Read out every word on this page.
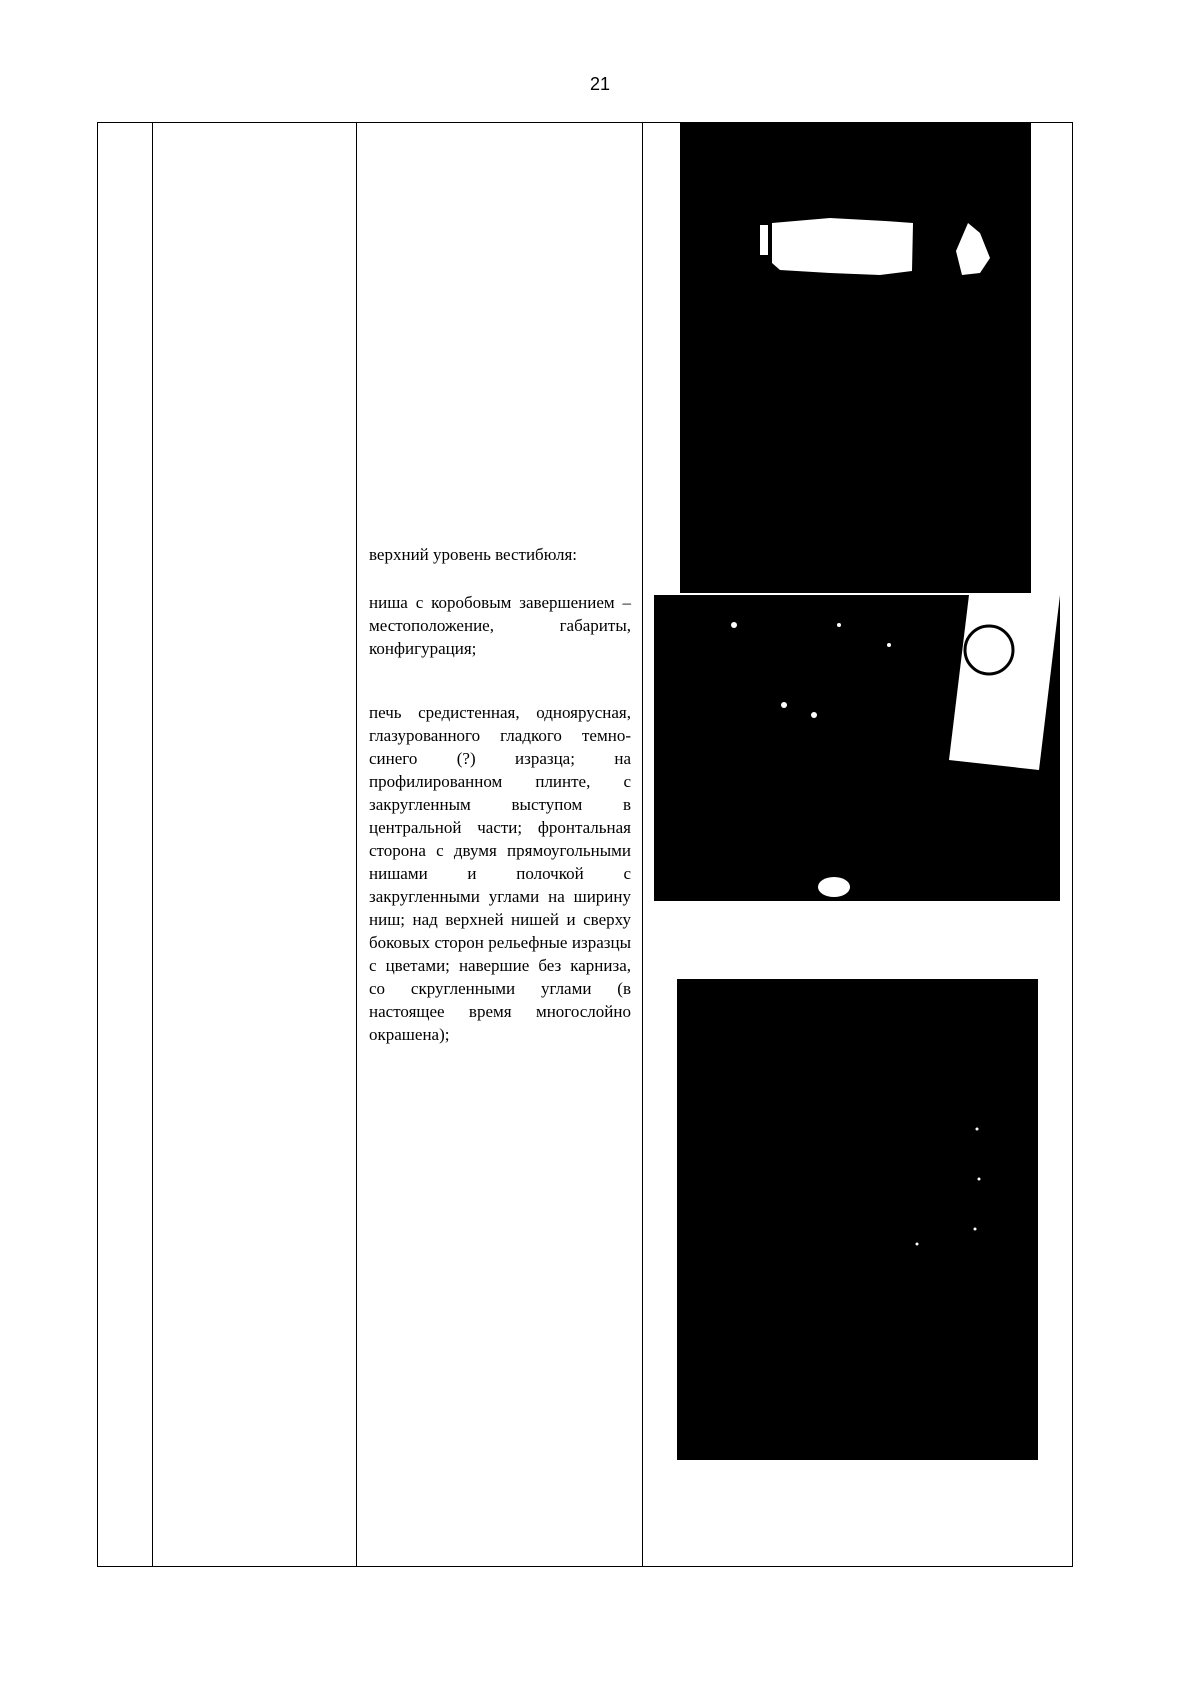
21

верхний уровень вестибюля:

ниша с коробовым завершением – местоположение, габариты, конфигурация;

печь средистенная, одноярусная, глазурованного гладкого темно-синего (?) изразца; на профилированном плинте, с закругленным выступом в центральной части; фронтальная сторона с двумя прямоугольными нишами и полочкой с закругленными углами на ширину ниш; над верхней нишей и сверху боковых сторон рельефные изразцы с цветами; навершие без карниза, со скругленными углами (в настоящее время многослойно окрашена);
